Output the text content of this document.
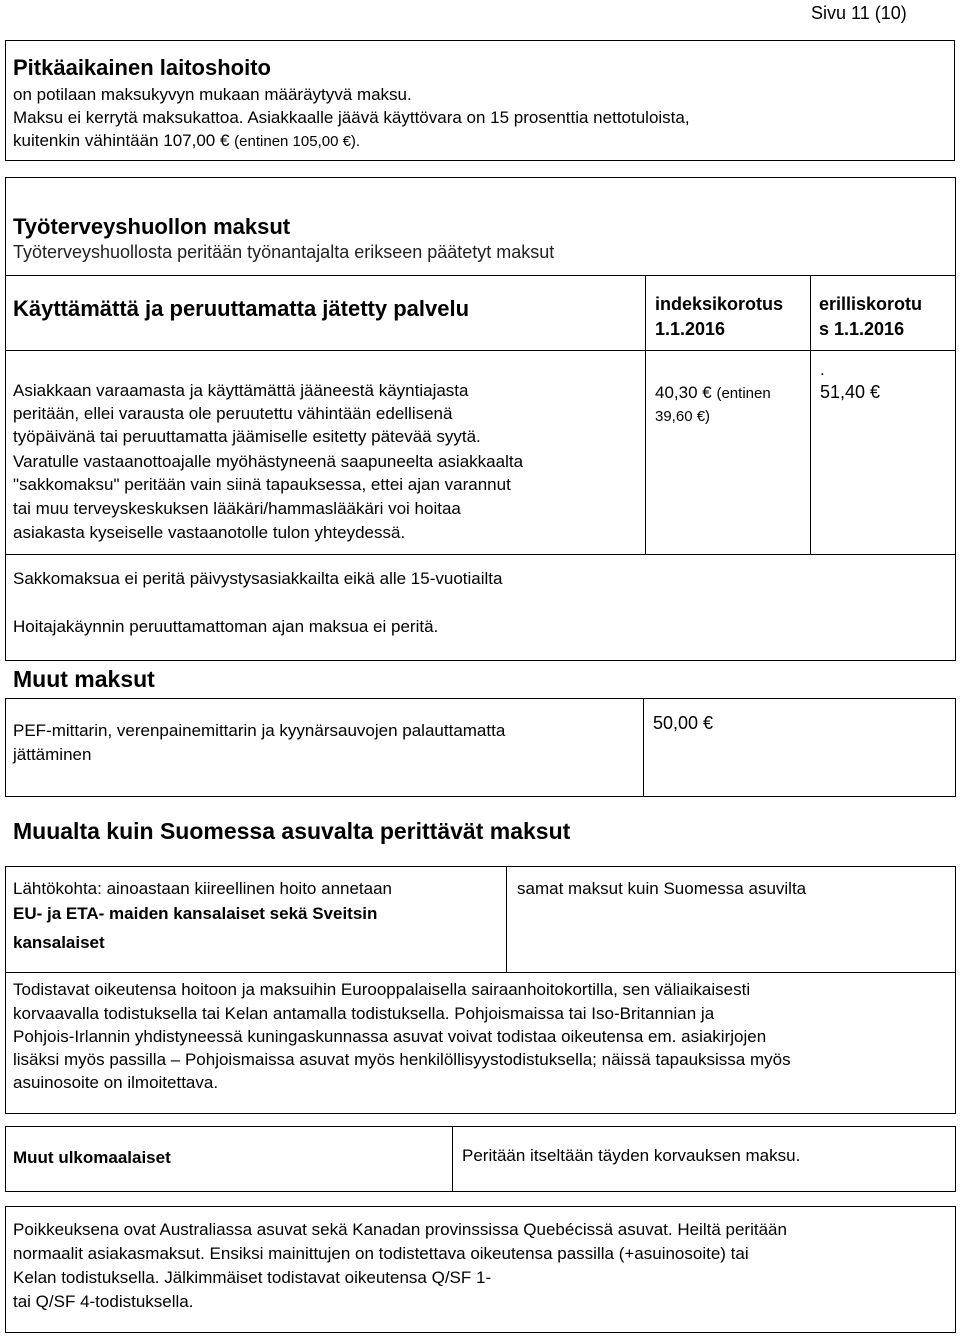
Sivu 11 (10)
Pitkäaikainen laitoshoito
on potilaan maksukyvyn mukaan määräytyvä maksu.
Maksu ei kerrytä maksukattoa. Asiakkaalle jäävä käyttövara on 15 prosenttia nettotuloista,
kuitenkin vähintään 107,00 € (entinen 105,00 €).
Työterveyshuollon maksut
Työterveyshuollosta peritään työnantajalta erikseen päätetyt maksut
Käyttämättä ja peruuttamatta jätetty palvelu	indeksikorotus
1.1.2016
erilliskorotu
s 1.1.2016
.
Asiakkaan varaamasta ja käyttämättä jääneestä käyntiajasta
peritään, ellei varausta ole peruutettu vähintään edellisenä
työpäivänä tai peruuttamatta jäämiselle esitetty pätevää syytä.
Varatulle vastaanottoajalle myöhästyneenä saapuneelta asiakkaalta
"sakkomaksu" peritään vain siinä tapauksessa, ettei ajan varannut
tai muu terveyskeskuksen lääkäri/hammaslääkäri voi hoitaa
asiakasta kyseiselle vastaanotolle tulon yhteydessä.
40,30 € (entinen
39,60 €)
51,40 €
Sakkomaksua ei peritä päivystysasiakkailta eikä alle 15-vuotiailta
Hoitajakäynnin peruuttamattoman ajan maksua ei peritä.
Muut maksut
PEF-mittarin, verenpainemittarin ja kyynärsauvojen palauttamatta
jättäminen
50,00 €
Muualta kuin Suomessa asuvalta perittävät maksut
Lähtökohta: ainoastaan kiireellinen hoito annetaan
EU- ja ETA- maiden kansalaiset sekä Sveitsin
kansalaiset
samat maksut kuin Suomessa asuvilta
Todistavat oikeutensa hoitoon ja maksuihin Eurooppalaisella sairaanhoitokortilla, sen väliaikaisesti
korvaavalla todistuksella tai Kelan antamalla todistuksella. Pohjoismaissa tai Iso-Britannian ja
Pohjois-Irlannin yhdistyneessä kuningaskunnassa asuvat voivat todistaa oikeutensa em. asiakirjojen
lisäksi myös passilla – Pohjoismaissa asuvat myös henkilöllisyystodistuksella; näissä tapauksissa myös
asuinosoite on ilmoitettava.
Muut ulkomaalaiset	Peritään itseltään täyden korvauksen maksu.
Poikkeuksena ovat Australiassa asuvat sekä Kanadan provinssissa Quebécissä asuvat. Heiltä peritään
normaalit asiakasmaksut. Ensiksi mainittujen on todistettava oikeutensa passilla (+asuinosoite) tai
Kelan todistuksella. Jälkimmäiset todistavat oikeutensa Q/SF 1-
tai Q/SF 4-todistuksella.
